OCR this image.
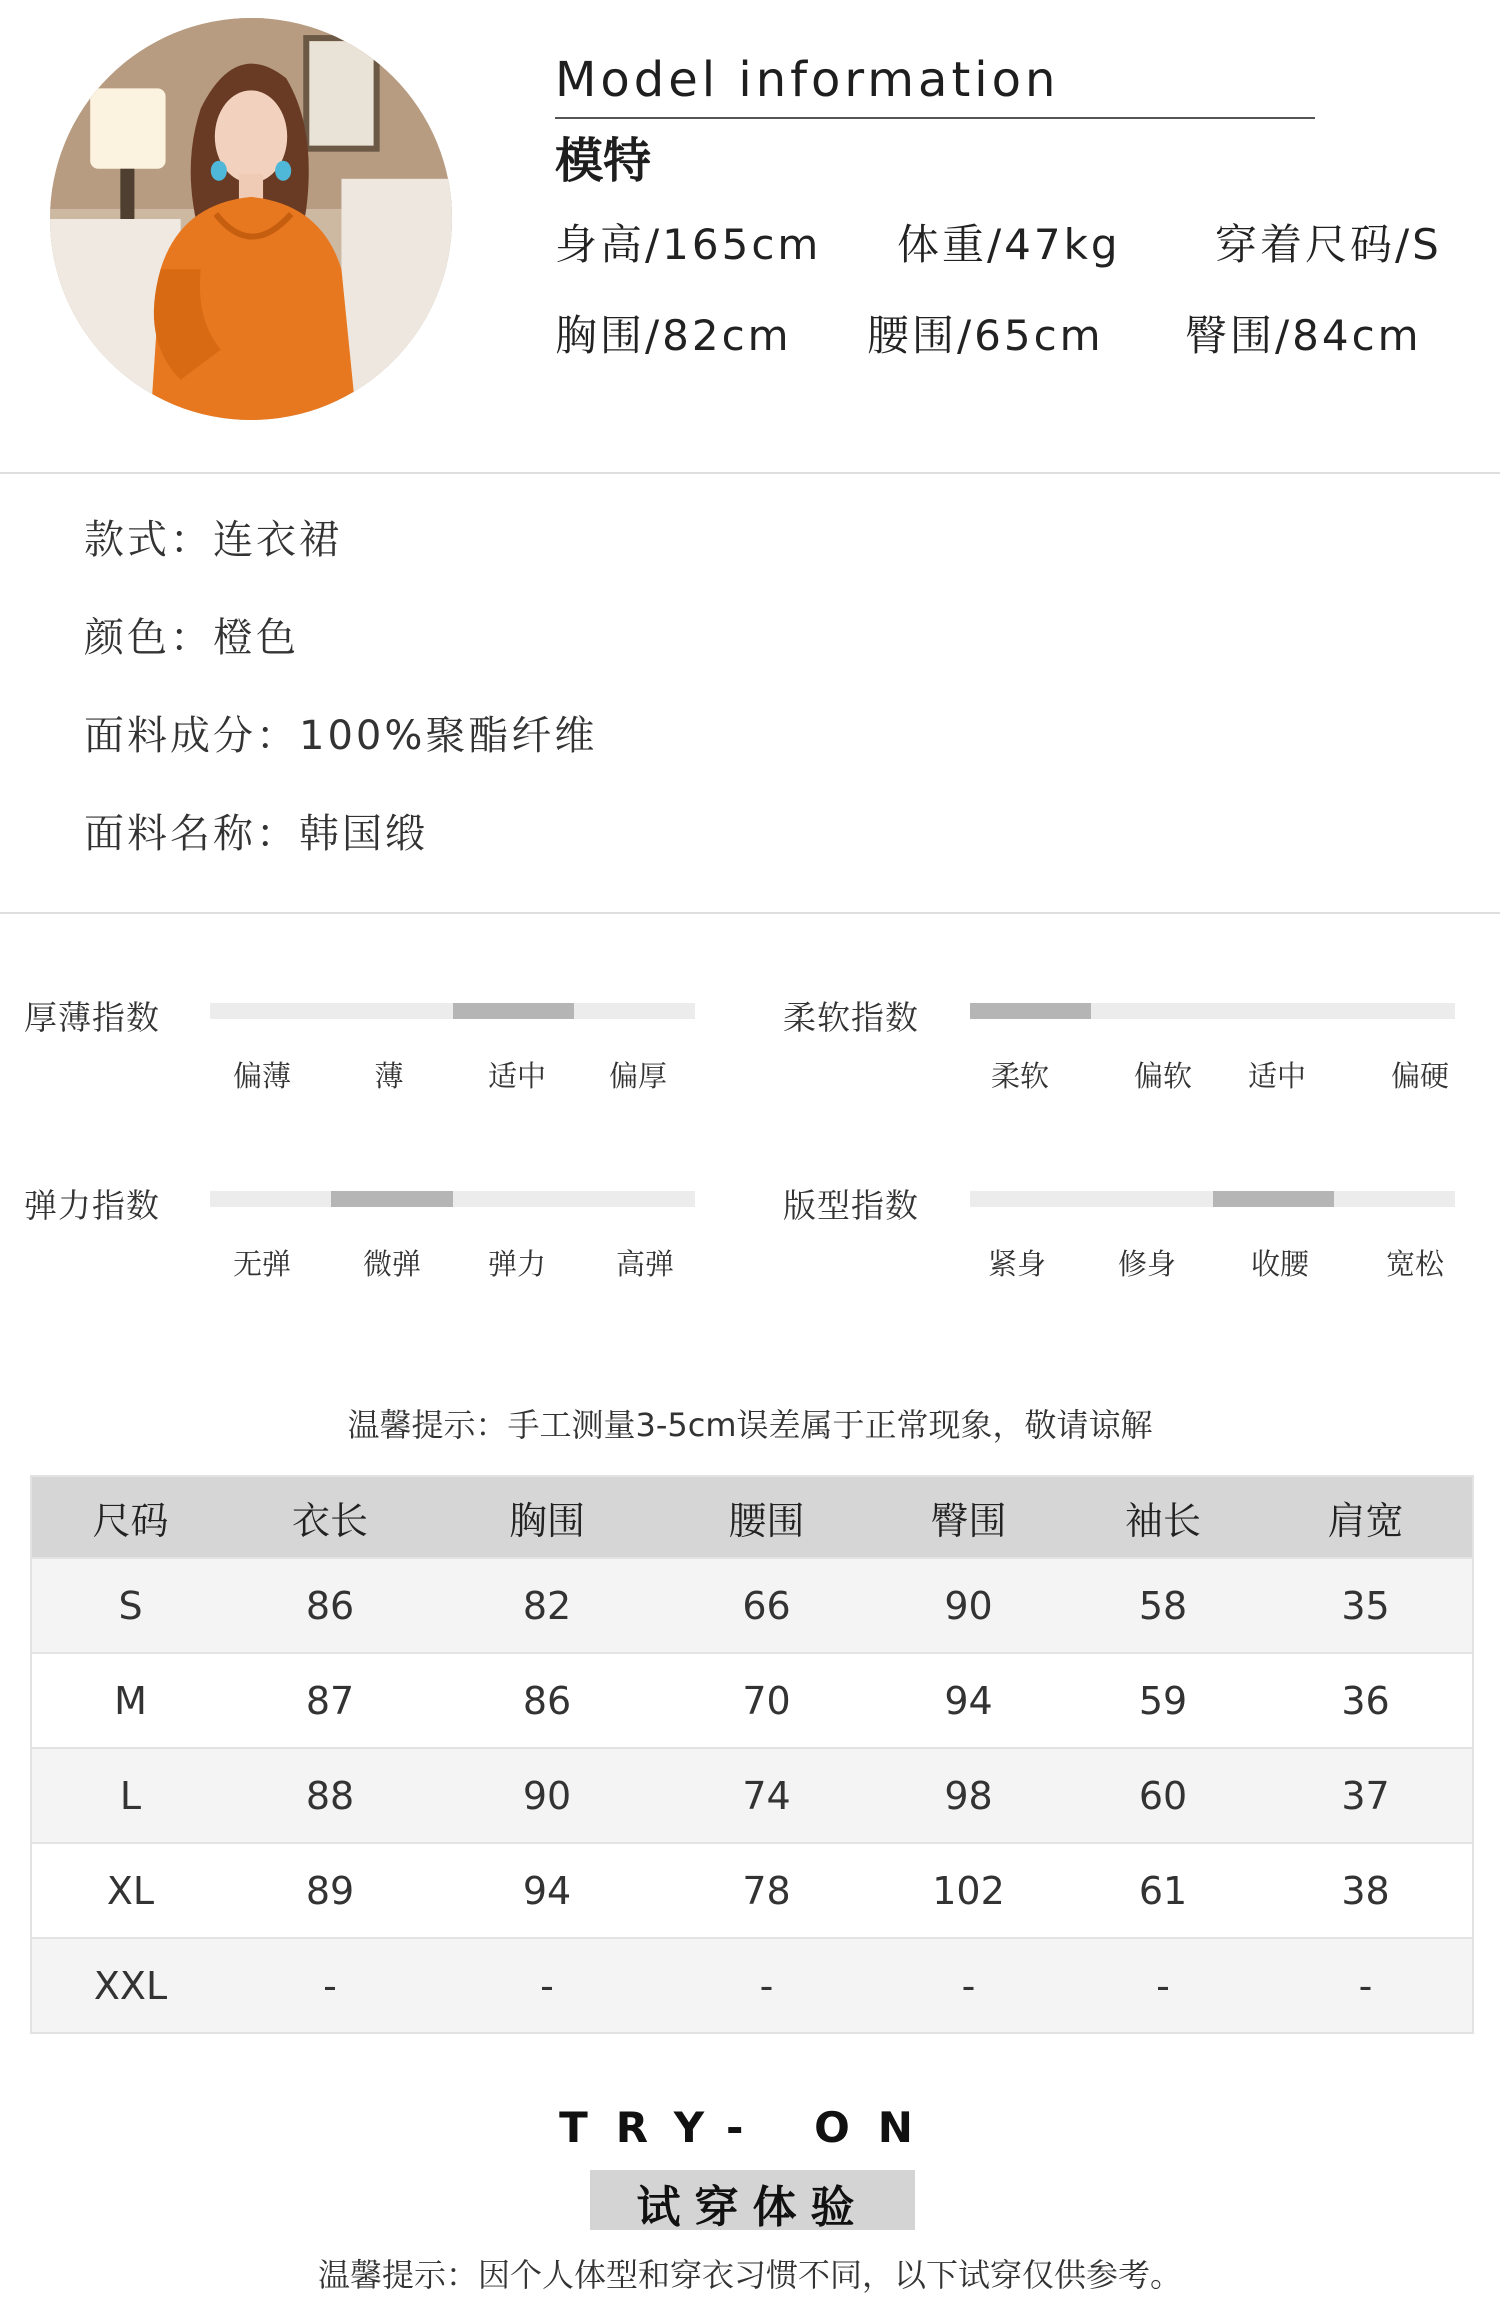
Model information
模特
身高/165cm 体重/47kg 穿着尺码/S
胸围/82cm 腰围/65cm 臀围/84cm
款式：连衣裙
颜色：橙色
面料成分：100%聚酯纤维
面料名称：韩国缎
厚薄指数
偏薄	薄	适中 偏厚
柔软指数
柔软	偏软 适中	偏硬
弹力指数
无弹 微弹 弹力 高弹
版型指数
紧身 修身	收腰	宽松
温馨提示：手工测量3-5cm误差属于正常现象，敬请谅解
尺码	衣长	胸围	腰围	臀围	袖长	肩宽
S	86	82	66	90	58	35
M	87	86	70	94	59	36
L	88	90	74	98	60	37
XL	89	94	78	102	61	38
XXL	-	-	-	-	-	-
TRY- ON
试穿体验
温馨提示：因个人体型和穿衣习惯不同，以下试穿仅供参考。
